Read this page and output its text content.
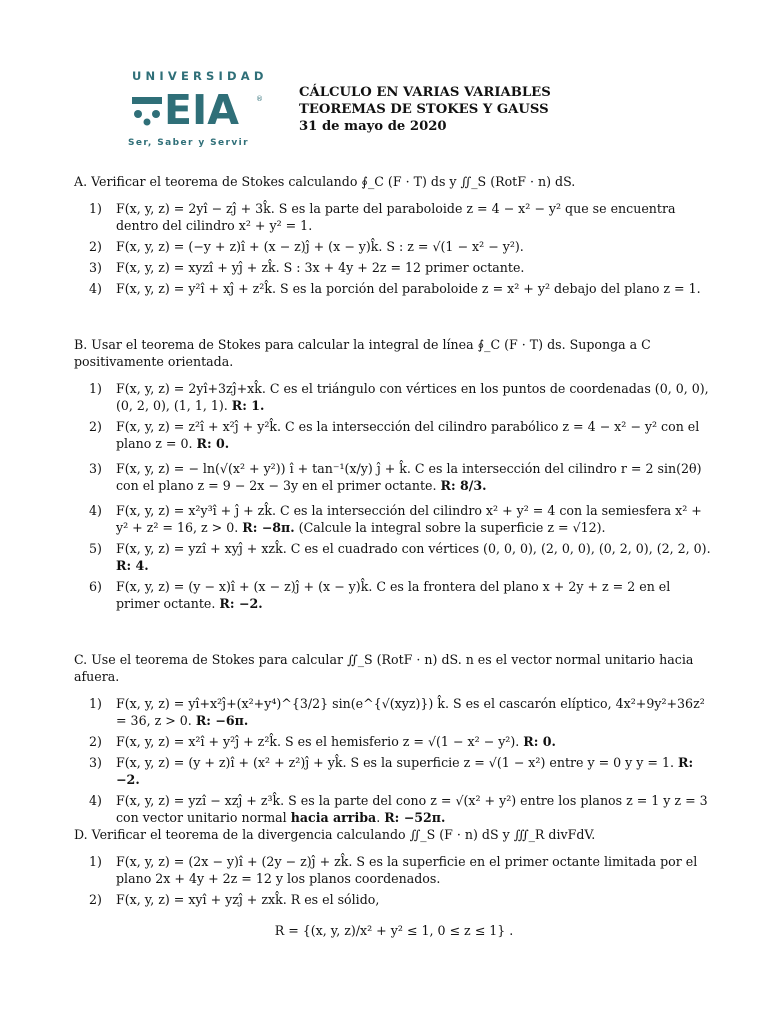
UNIVERSIDAD
EIA ®
Ser, Saber y Servir
CÁLCULO EN VARIAS VARIABLES
TEOREMAS DE STOKES Y GAUSS
31 de mayo de 2020
A. Verificar el teorema de Stokes calculando ∮_C (F · T) ds y ∬_S (RotF · n) dS.
1) F(x, y, z) = 2yî − zĵ + 3k̂. S es la parte del paraboloide z = 4 − x² − y² que se encuentra dentro del cilindro x² + y² = 1.
2) F(x, y, z) = (−y + z)î + (x − z)ĵ + (x − y)k̂. S : z = √(1 − x² − y²).
3) F(x, y, z) = xyzî + yĵ + zk̂. S : 3x + 4y + 2z = 12 primer octante.
4) F(x, y, z) = y²î + xĵ + z²k̂. S es la porción del paraboloide z = x² + y² debajo del plano z = 1.
B. Usar el teorema de Stokes para calcular la integral de línea ∮_C (F · T) ds. Suponga a C positivamente orientada.
1) F(x, y, z) = 2yî+3zĵ+xk̂. C es el triángulo con vértices en los puntos de coordenadas (0, 0, 0), (0, 2, 0), (1, 1, 1). R: 1.
2) F(x, y, z) = z²î + x²ĵ + y²k̂. C es la intersección del cilindro parabólico z = 4 − x² − y² con el plano z = 0. R: 0.
3) F(x, y, z) = − ln(√(x² + y²)) î + tan⁻¹(x/y) ĵ + k̂. C es la intersección del cilindro r = 2 sin(2θ) con el plano z = 9 − 2x − 3y en el primer octante. R: 8/3.
4) F(x, y, z) = x²y³î + ĵ + zk̂. C es la intersección del cilindro x² + y² = 4 con la semiesfera x² + y² + z² = 16, z > 0. R: −8π. (Calcule la integral sobre la superficie z = √12).
5) F(x, y, z) = yzî + xyĵ + xzk̂. C es el cuadrado con vértices (0, 0, 0), (2, 0, 0), (0, 2, 0), (2, 2, 0). R: 4.
6) F(x, y, z) = (y − x)î + (x − z)ĵ + (x − y)k̂. C es la frontera del plano x + 2y + z = 2 en el primer octante. R: −2.
C. Use el teorema de Stokes para calcular ∬_S (RotF · n) dS. n es el vector normal unitario hacia afuera.
1) F(x, y, z) = yî+x²ĵ+(x²+y⁴)^{3/2} sin(e^{√(xyz)}) k̂. S es el cascarón elíptico, 4x²+9y²+36z² = 36, z > 0. R: −6π.
2) F(x, y, z) = x²î + y²ĵ + z²k̂. S es el hemisferio z = √(1 − x² − y²). R: 0.
3) F(x, y, z) = (y + z)î + (x² + z²)ĵ + yk̂. S es la superficie z = √(1 − x²) entre y = 0 y y = 1. R: −2.
4) F(x, y, z) = yzî − xzĵ + z³k̂. S es la parte del cono z = √(x² + y²) entre los planos z = 1 y z = 3 con vector unitario normal hacia arriba. R: −52π.
D. Verificar el teorema de la divergencia calculando ∬_S (F · n) dS y ∭_R divFdV.
1) F(x, y, z) = (2x − y)î + (2y − z)ĵ + zk̂. S es la superficie en el primer octante limitada por el plano 2x + 4y + 2z = 12 y los planos coordenados.
2) F(x, y, z) = xyî + yzĵ + zxk̂. R es el sólido,
R = {(x, y, z)/x² + y² ≤ 1, 0 ≤ z ≤ 1} .
